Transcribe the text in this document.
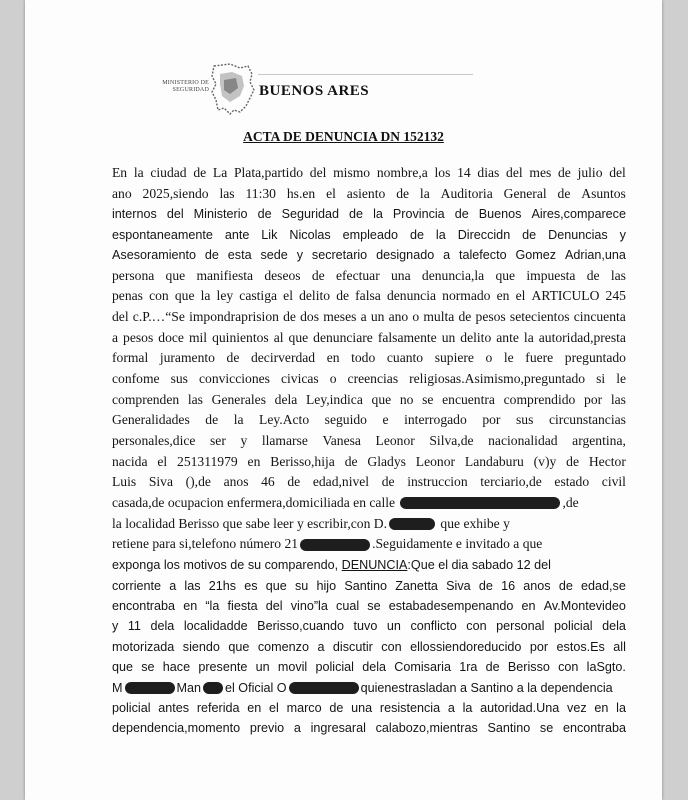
MINISTERIO DE
SEGURIDAD	BUENOS ARES
ACTA DE DENUNCIA DN 152132
En la ciudad de La Plata,partido del mismo nombre,a los 14 dias del mes de julio del
ano 2025,siendo las 11:30 hs.en el asiento de la Auditoria General de Asuntos
internos del Ministerio de Seguridad de la Provincia de Buenos Aires,comparece
espontaneamente ante Lik Nicolas empleado de la Direccidn de Denuncias y
Asesoramiento de esta sede y secretario designado a talefecto Gomez Adrian,una
persona que manifiesta deseos de efectuar una denuncia,la que impuesta de las
penas con que la ley castiga el delito de falsa denuncia normado en el ARTICULO 245
del c.P.…“Se impondraprision de dos meses a un ano o multa de pesos setecientos cincuenta
a pesos doce mil quinientos al que denunciare falsamente un delito ante la autoridad,presta
formal juramento de decirverdad en todo cuanto supiere o le fuere preguntado
confome sus convicciones civicas o creencias religiosas.Asimismo,preguntado si le
comprenden las Generales dela Ley,indica que no se encuentra comprendido por las
Generalidades de la Ley.Acto seguido e interrogado por sus circunstancias
personales,dice ser y llamarse Vanesa Leonor Silva,de nacionalidad argentina,
nacida el 251311979 en Berisso,hija de Gladys Leonor Landaburu (v)y de Hector
Luis Siva (),de anos 46 de edad,nivel de instruccion terciario,de estado civil
casada,de ocupacion enfermera,domiciliada en calle	,de
la localidad Berisso que sabe leer y escribir,con D.	que exhibe y
retiene para si,telefono número 21	.Seguidamente e invitado a que
exponga los motivos de su comparendo, DENUNCIA :Que el dia sabado 12 del
corriente a las 21hs es que su hijo Santino Zanetta Siva de 16 anos de edad,se
encontraba en “la fiesta del vino”la cual se estabadesempenando en Av.Montevideo
y 11 dela localidadde Berisso,cuando tuvo un conflicto con personal policial dela
motorizada siendo que comenzo a discutir con ellossiendoreducido por estos.Es all
que se hace presente un movil policial dela Comisaria 1ra de Berisso con laSgto.
M	Man el Oficial O	quienestrasladan a Santino a la dependencia
policial antes referida en el marco de una resistencia a la autoridad.Una vez en la
dependencia,momento previo a ingresaral calabozo,mientras Santino se encontraba
